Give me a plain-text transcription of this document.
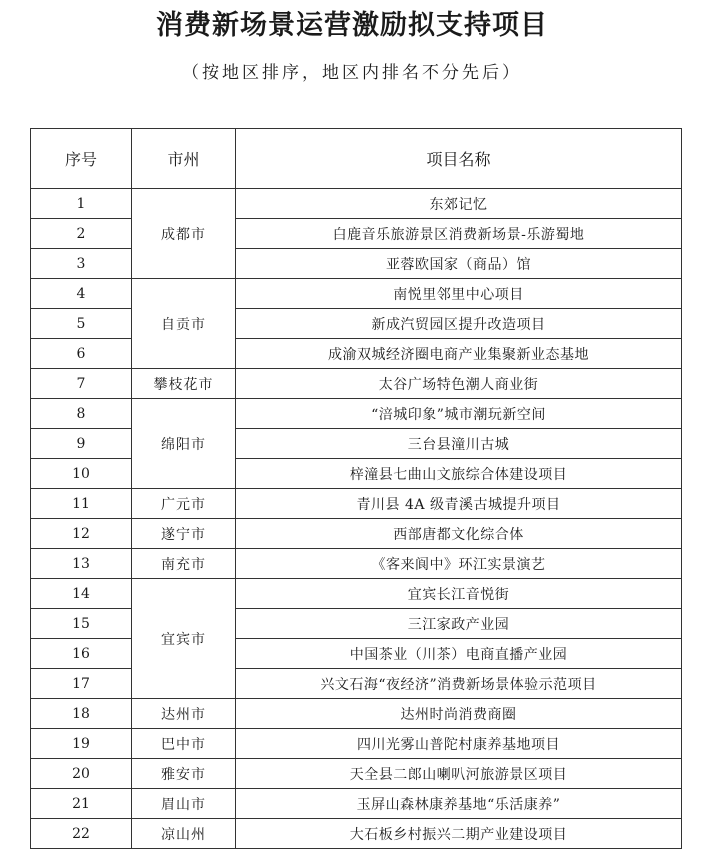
消费新场景运营激励拟支持项目
（按地区排序，地区内排名不分先后）
序号	市州	项目名称
1	成都市	东郊记忆
2		白鹿音乐旅游景区消费新场景-乐游蜀地
3		亚蓉欧国家（商品）馆
4	自贡市	南悦里邻里中心项目
5		新成汽贸园区提升改造项目
6		成渝双城经济圈电商产业集聚新业态基地
7	攀枝花市	太谷广场特色潮人商业街
8	绵阳市	“涪城印象”城市潮玩新空间
9		三台县潼川古城
10		梓潼县七曲山文旅综合体建设项目
11	广元市	青川县 4A 级青溪古城提升项目
12	遂宁市	西部唐都文化综合体
13	南充市	《客来阆中》环江实景演艺
14	宜宾市	宜宾长江音悦街
15		三江家政产业园
16		中国茶业（川茶）电商直播产业园
17		兴文石海“夜经济”消费新场景体验示范项目
18	达州市	达州时尚消费商圈
19	巴中市	四川光雾山普陀村康养基地项目
20	雅安市	天全县二郎山喇叭河旅游景区项目
21	眉山市	玉屏山森林康养基地“乐活康养”
22	凉山州	大石板乡村振兴二期产业建设项目
